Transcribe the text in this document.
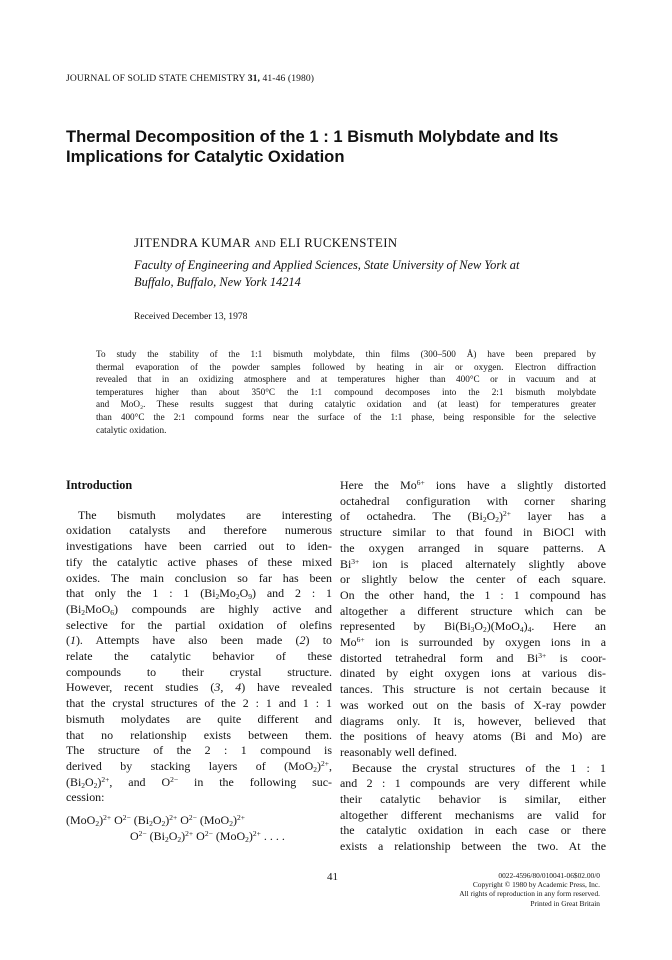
JOURNAL OF SOLID STATE CHEMISTRY 31, 41-46 (1980)
Thermal Decomposition of the 1 : 1 Bismuth Molybdate and Its
Implications for Catalytic Oxidation
JITENDRA KUMAR AND ELI RUCKENSTEIN
Faculty of Engineering and Applied Sciences, State University of New York at
Buffalo, Buffalo, New York 14214
Received December 13, 1978
To study the stability of the 1:1 bismuth molybdate, thin films (300–500 Å) have been prepared by
thermal evaporation of the powder samples followed by heating in air or oxygen. Electron diffraction
revealed that in an oxidizing atmosphere and at temperatures higher than 400°C or in vacuum and at
temperatures higher than about 350°C the 1:1 compound decomposes into the 2:1 bismuth molybdate
and MoO₂. These results suggest that during catalytic oxidation and (at least) for temperatures greater
than 400°C the 2:1 compound forms near the surface of the 1:1 phase, being responsible for the selective
catalytic oxidation.
Introduction
The bismuth molydates are interesting
oxidation catalysts and therefore numerous
investigations have been carried out to iden-
tify the catalytic active phases of these mixed
oxides. The main conclusion so far has been
that only the 1 : 1 $(Bi_2Mo_2O_9)$ and 2 : 1
$(Bi_2MoO_6)$ compounds are highly active and
selective for the partial oxidation of olefins
(1). Attempts have also been made (2) to
relate the catalytic behavior of these
compounds to their crystal structure.
However, recent studies (3, 4) have revealed
that the crystal structures of the 2 : 1 and 1 : 1
bismuth molydates are quite different and
that no relationship exists between them.
The structure of the 2 : 1 compound is
derived by stacking layers of $(MoO_2)^{2+}$,
$(Bi_2O_2)^{2+}$, and $O^{2-}$ in the following suc-
cession:
$(MoO_2)^{2+}$ $O^{2-}$ $(Bi_2O_2)^{2+}$ $O^{2-}$ $(MoO_2)^{2+}$
$O^{2-}$ $(Bi_2O_2)^{2+}$ $O^{2-}$ $(MoO_2)^{2+}$ . . . .
Here the $Mo^{6+}$ ions have a slightly distorted
octahedral configuration with corner sharing
of octahedra. The $(Bi_2O_2)^{2+}$ layer has a
structure similar to that found in BiOCl with
the oxygen arranged in square patterns. A
$Bi^{3+}$ ion is placed alternately slightly above
or slightly below the center of each square.
On the other hand, the 1 : 1 compound has
altogether a different structure which can be
represented by $Bi(Bi_3O_2)(MoO_4)_4$. Here an
$Mo^{6+}$ ion is surrounded by oxygen ions in a
distorted tetrahedral form and $Bi^{3+}$ is coor-
dinated by eight oxygen ions at various dis-
tances. This structure is not certain because it
was worked out on the basis of X-ray powder
diagrams only. It is, however, believed that
the positions of heavy atoms (Bi and Mo) are
reasonably well defined.
Because the crystal structures of the 1 : 1
and 2 : 1 compounds are very different while
their catalytic behavior is similar, either
altogether different mechanisms are valid for
the catalytic oxidation in each case or there
exists a relationship between the two. At the
41	0022-4596/80/010041-06$02.00/0
Copyright © 1980 by Academic Press, Inc.
All rights of reproduction in any form reserved.
Printed in Great Britain
